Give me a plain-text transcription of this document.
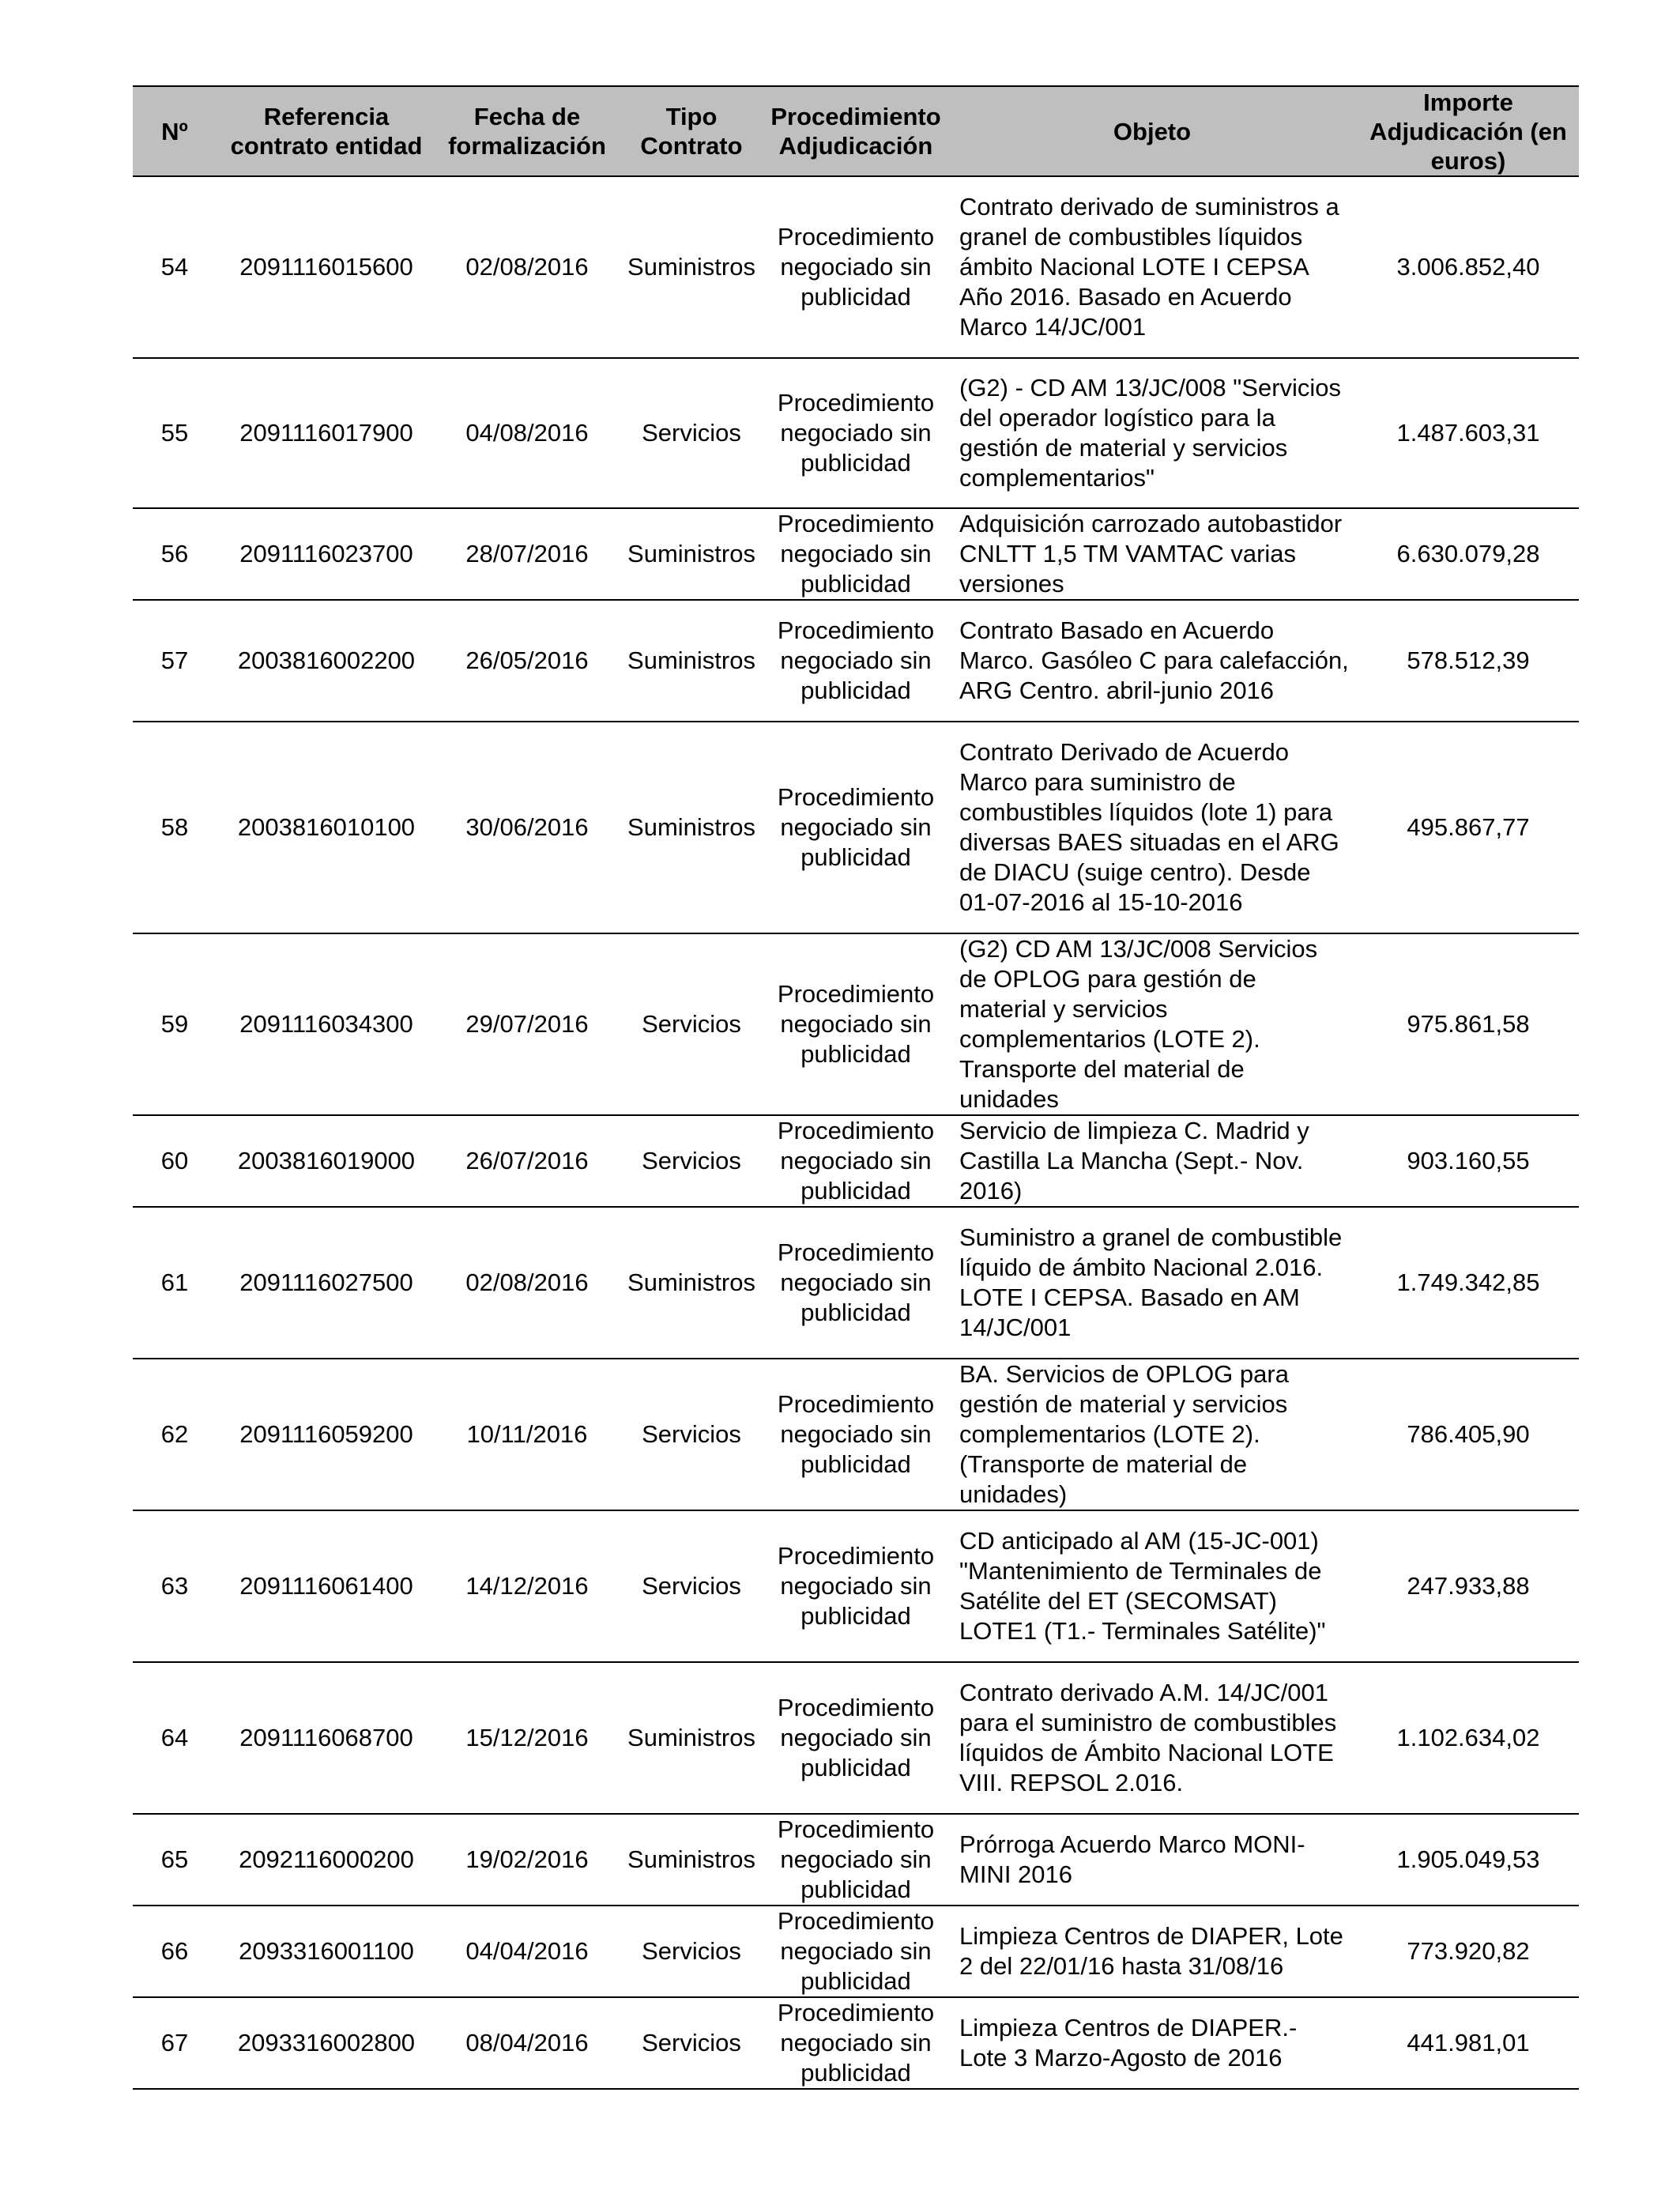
Nº	Referencia contrato entidad	Fecha de formalización	Tipo Contrato	Procedimiento Adjudicación	Objeto	Importe Adjudicación (en euros)
54	2091116015600	02/08/2016	Suministros	Procedimiento negociado sin publicidad	Contrato derivado de suministros a granel de combustibles líquidos ámbito Nacional LOTE I CEPSA Año 2016. Basado en Acuerdo Marco 14/JC/001	3.006.852,40
55	2091116017900	04/08/2016	Servicios	Procedimiento negociado sin publicidad	(G2) - CD AM 13/JC/008 "Servicios del operador logístico para la gestión de material y servicios complementarios"	1.487.603,31
56	2091116023700	28/07/2016	Suministros	Procedimiento negociado sin publicidad	Adquisición carrozado autobastidor CNLTT 1,5 TM VAMTAC varias versiones	6.630.079,28
57	2003816002200	26/05/2016	Suministros	Procedimiento negociado sin publicidad	Contrato Basado en Acuerdo Marco. Gasóleo C para calefacción, ARG Centro. abril-junio 2016	578.512,39
58	2003816010100	30/06/2016	Suministros	Procedimiento negociado sin publicidad	Contrato Derivado de Acuerdo Marco para suministro de combustibles líquidos (lote 1) para diversas BAES situadas en el ARG de DIACU (suige centro). Desde 01-07-2016 al 15-10-2016	495.867,77
59	2091116034300	29/07/2016	Servicios	Procedimiento negociado sin publicidad	(G2) CD AM 13/JC/008 Servicios de OPLOG para gestión de material y servicios complementarios (LOTE 2). Transporte del material de unidades	975.861,58
60	2003816019000	26/07/2016	Servicios	Procedimiento negociado sin publicidad	Servicio de limpieza C. Madrid y Castilla La Mancha (Sept.- Nov. 2016)	903.160,55
61	2091116027500	02/08/2016	Suministros	Procedimiento negociado sin publicidad	Suministro a granel de combustible líquido de ámbito Nacional 2.016. LOTE I CEPSA. Basado en AM 14/JC/001	1.749.342,85
62	2091116059200	10/11/2016	Servicios	Procedimiento negociado sin publicidad	BA. Servicios de OPLOG para gestión de material y servicios complementarios (LOTE 2). (Transporte de material de unidades)	786.405,90
63	2091116061400	14/12/2016	Servicios	Procedimiento negociado sin publicidad	CD anticipado al AM (15-JC-001) "Mantenimiento de Terminales de Satélite del ET (SECOMSAT) LOTE1 (T1.- Terminales Satélite)"	247.933,88
64	2091116068700	15/12/2016	Suministros	Procedimiento negociado sin publicidad	Contrato derivado A.M. 14/JC/001 para el suministro de combustibles líquidos de Ámbito Nacional LOTE VIII. REPSOL 2.016.	1.102.634,02
65	2092116000200	19/02/2016	Suministros	Procedimiento negociado sin publicidad	Prórroga Acuerdo Marco MONI-MINI 2016	1.905.049,53
66	2093316001100	04/04/2016	Servicios	Procedimiento negociado sin publicidad	Limpieza Centros de DIAPER, Lote 2 del 22/01/16 hasta 31/08/16	773.920,82
67	2093316002800	08/04/2016	Servicios	Procedimiento negociado sin publicidad	Limpieza Centros de DIAPER.- Lote 3 Marzo-Agosto de 2016	441.981,01
